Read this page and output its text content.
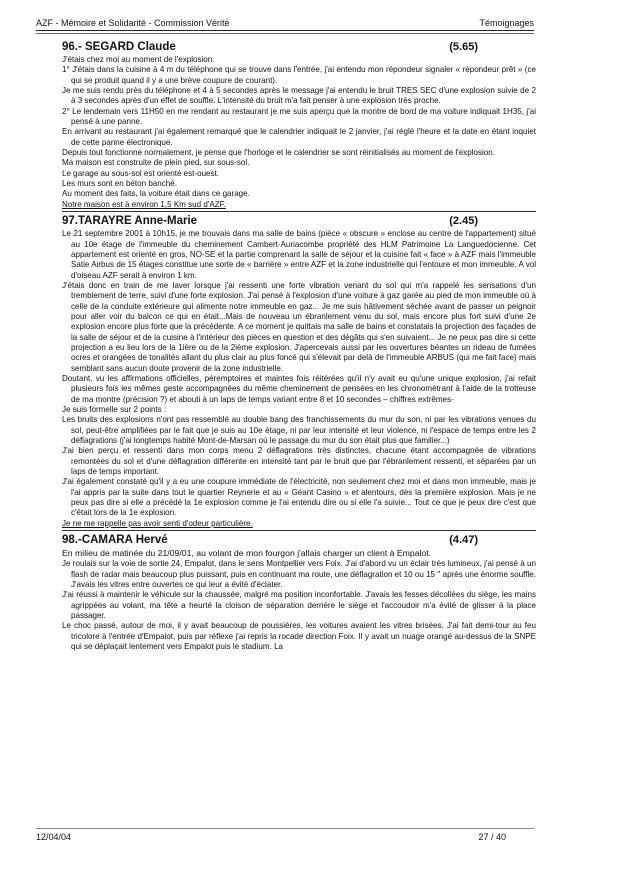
AZF - Mémoire et Solidarité - Commission Vérité	Témoignages
96.- SEGARD Claude	(5.65)

J'étais chez moi au moment de l'explosion.

1° J'étais dans la cuisine à 4 m du téléphone qui se trouve dans l'entrée, j'ai entendu mon répondeur signaler « répondeur prêt » (ce qui se produit quand il y a une brève coupure de courant).

Je me suis rendu près du téléphone et 4 à 5 secondes après le message j'ai entendu le bruit TRES SEC d'une explosion suivie de 2 à 3 secondes après d'un effet de souffle. L'intensité du bruit m'a fait penser à une explosion très proche.

2° Le lendemain vers 11H50 en me rendant au restaurant je me suis aperçu que la montre de bord de ma voiture indiquait 1H35, j'ai pensé à une panne.

En arrivant au restaurant j'ai également remarqué que le calendrier indiquait le 2 janvier, j'ai réglé l'heure et la date en étant inquiet de cette panne électronique.

Depuis tout fonctionne normalement, je pense que l'horloge et le calendrier se sont réinitialisés au moment de l'explosion.

Ma maison est construite de plein pied, sur sous-sol.

Le garage au sous-sol est orienté est-ouest.

Les murs sont en béton banché.

Au moment des faits, la voiture était dans ce garage.

Notre maison est à environ 1,5 Km sud d'AZF.

97.TARAYRE Anne-Marie	(2.45)

Le 21 septembre 2001 à 10h15, je me trouvais dans ma salle de bains (pièce « obscure » enclose au centre de l'appartement) situé au 10e étage de l'immeuble du cheminement Cambert-Auriacombe propriété des HLM Patrimoine La Languedocienne. Cet appartement est orienté en gros, NO-SE et la partie comprenant la salle de séjour et la cuisine fait « face » à AZF mais l'immeuble Satie Airbus de 15 étages constitue une sorte de « barrière » entre AZF et la zone industrielle qui l'entoure et mon immeuble. A vol d'oiseau AZF serait à environ 1 km.

J'étais donc en train de me laver lorsque j'ai ressenti une forte vibration venant du sol qui m'a rappelé les sensations d'un tremblement de terre, suivi d'une forte explosion. J'ai pensé à l'explosion d'une voiture à gaz garée au pied de mon immeuble où à celle de la conduite extérieure qui alimente notre immeuble en gaz... Je me suis hâtivement séchée avant de passer un peignoir pour aller voir du balcon ce qui en était...Mais de nouveau un ébranlement venu du sol, mais encore plus fort suivi d'une 2e explosion encore plus forte que la précédente. A ce moment je quittais ma salle de bains et constatais la projection des façades de la salle de séjour et de la cuisine à l'intérieur des pièces en question et des dégâts qui s'en suivaient... Je ne peux pas dire si cette projection a eu lieu lors de la 1ière ou de la 2ième explosion. J'apercevais aussi par les ouvertures béantes un rideau de fumées ocres et orangées de tonalités allant du plus clair au plus foncé qui s'élevait par delà de l'immeuble ARBUS (qui me fait face) mais semblant sans aucun doute provenir de la zone industrielle.

Doutant, vu les affirmations officielles, péremptoires et maintes fois réitérées qu'il n'y avait eu qu'une unique explosion, j'ai refait plusieurs fois les mêmes geste accompagnées du même cheminement de pensées en les chronométrant à l'aide de la trotteuse de ma montre (précision ?) et abouti à un laps de temps variant entre 8 et 10 secondes – chiffres extrêmes-

Je suis formelle sur 2 points :

Les bruits des explosions n'ont pas ressemblé au double bang des franchissements du mur du son, ni par les vibrations venues du sol, peut-être amplifiées par le fait que je suis au 10e étage, ni par leur intensité et leur violence, ni l'espace de temps entre les 2 déflagrations (j'ai longtemps habité Mont-de-Marsan où le passage du mur du son était plus que familier...)

J'ai bien perçu et ressenti dans mon corps menu 2 déflagrations très distinctes, chacune étant accompagnée de vibrations remontées du sol et d'une déflagration différente en intensité tant par le bruit que par l'ébranlement ressenti, et séparées par un laps de temps important.

J'ai également constaté qu'il y a eu une coupure immédiate de l'électricité, non seulement chez moi et dans mon immeuble, mais je l'ai appris par la suite dans tout le quartier Reynerie et au « Géant Casino » et alentours, dès la première explosion. Mais je ne peux pas dire si elle a précédé la 1e explosion comme je l'ai entendu dire ou si elle l'a suivie... Tout ce que je peux dire c'est que c'était lors de la 1e explosion.

Je ne me rappelle pas avoir senti d'odeur particulière.

98.-CAMARA Hervé	(4.47)

En milieu de matinée du 21/09/01, au volant de mon fourgon j'allais charger un client à Empalot.

Je roulais sur la voie de sortie 24, Empalot, dans le sens Montpellier vers Foix. J'ai d'abord vu un éclair très lumineux, j'ai pensé à un flash de radar mais beaucoup plus puissant, puis en continuant ma route, une déflagration et 10 ou 15 '' après une énorme souffle. J'avais les vitres entre ouvertes ce qui leur a évité d'éclater.

J'ai réussi à maintenir le véhicule sur la chaussée, malgré ma position inconfortable. J'avais les fesses décollées du siège, les mains agrippées au volant, ma tête a heurté la cloison de séparation derrière le siège et l'accoudoir m'a évité de glisser à la place passager.

Le choc passé, autour de moi, il y avait beaucoup de poussières, les voitures avaient les vitres brisées. J'ai fait demi-tour au feu tricolore à l'entrée d'Empalot, puis par réflexe j'ai repris la rocade direction Foix. Il y avait un nuage orangé au-dessus de la SNPE qui se déplaçait lentement vers Empalot puis le stadium. La

12/04/04	27 / 40
